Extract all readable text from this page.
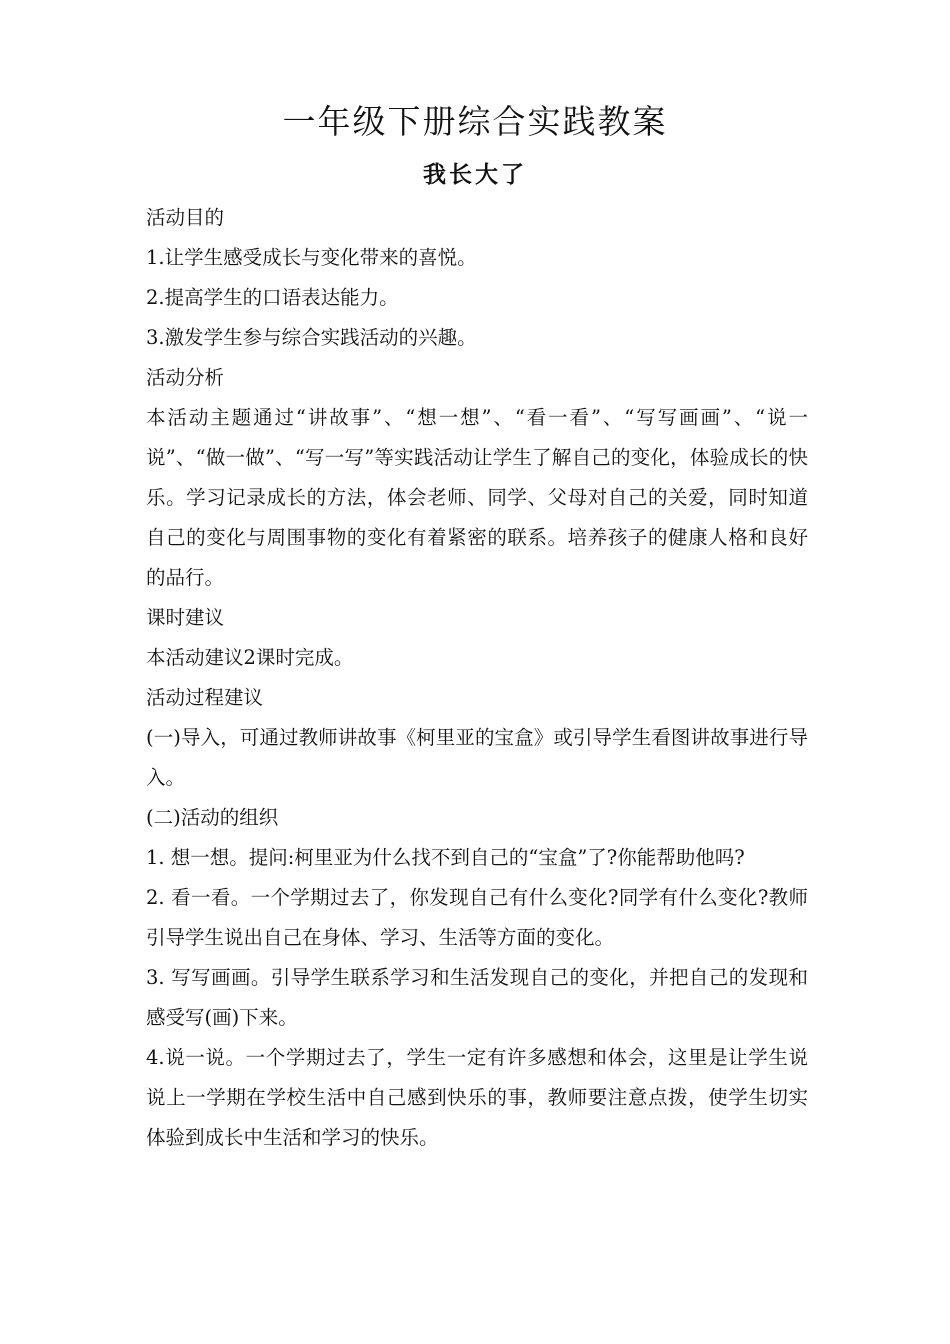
一年级下册综合实践教案
我长大了

活动目的

1.让学生感受成长与变化带来的喜悦。

2.提高学生的口语表达能力。

3.激发学生参与综合实践活动的兴趣。

活动分析

本活动主题通过“讲故事”、“想一想”、“看一看”、“写写画画”、“说一说”、“做一做”、“写一写”等实践活动让学生了解自己的变化，体验成长的快乐。学习记录成长的方法，体会老师、同学、父母对自己的关爱，同时知道自己的变化与周围事物的变化有着紧密的联系。培养孩子的健康人格和良好的品行。

课时建议

本活动建议2课时完成。

活动过程建议

(一)导入，可通过教师讲故事《柯里亚的宝盒》或引导学生看图讲故事进行导入。

(二)活动的组织

1. 想一想。提问:柯里亚为什么找不到自己的“宝盒”了?你能帮助他吗?

2. 看一看。一个学期过去了，你发现自己有什么变化?同学有什么变化?教师引导学生说出自己在身体、学习、生活等方面的变化。

3. 写写画画。引导学生联系学习和生活发现自己的变化，并把自己的发现和感受写(画)下来。

4.说一说。一个学期过去了，学生一定有许多感想和体会，这里是让学生说说上一学期在学校生活中自己感到快乐的事，教师要注意点拨，使学生切实体验到成长中生活和学习的快乐。
